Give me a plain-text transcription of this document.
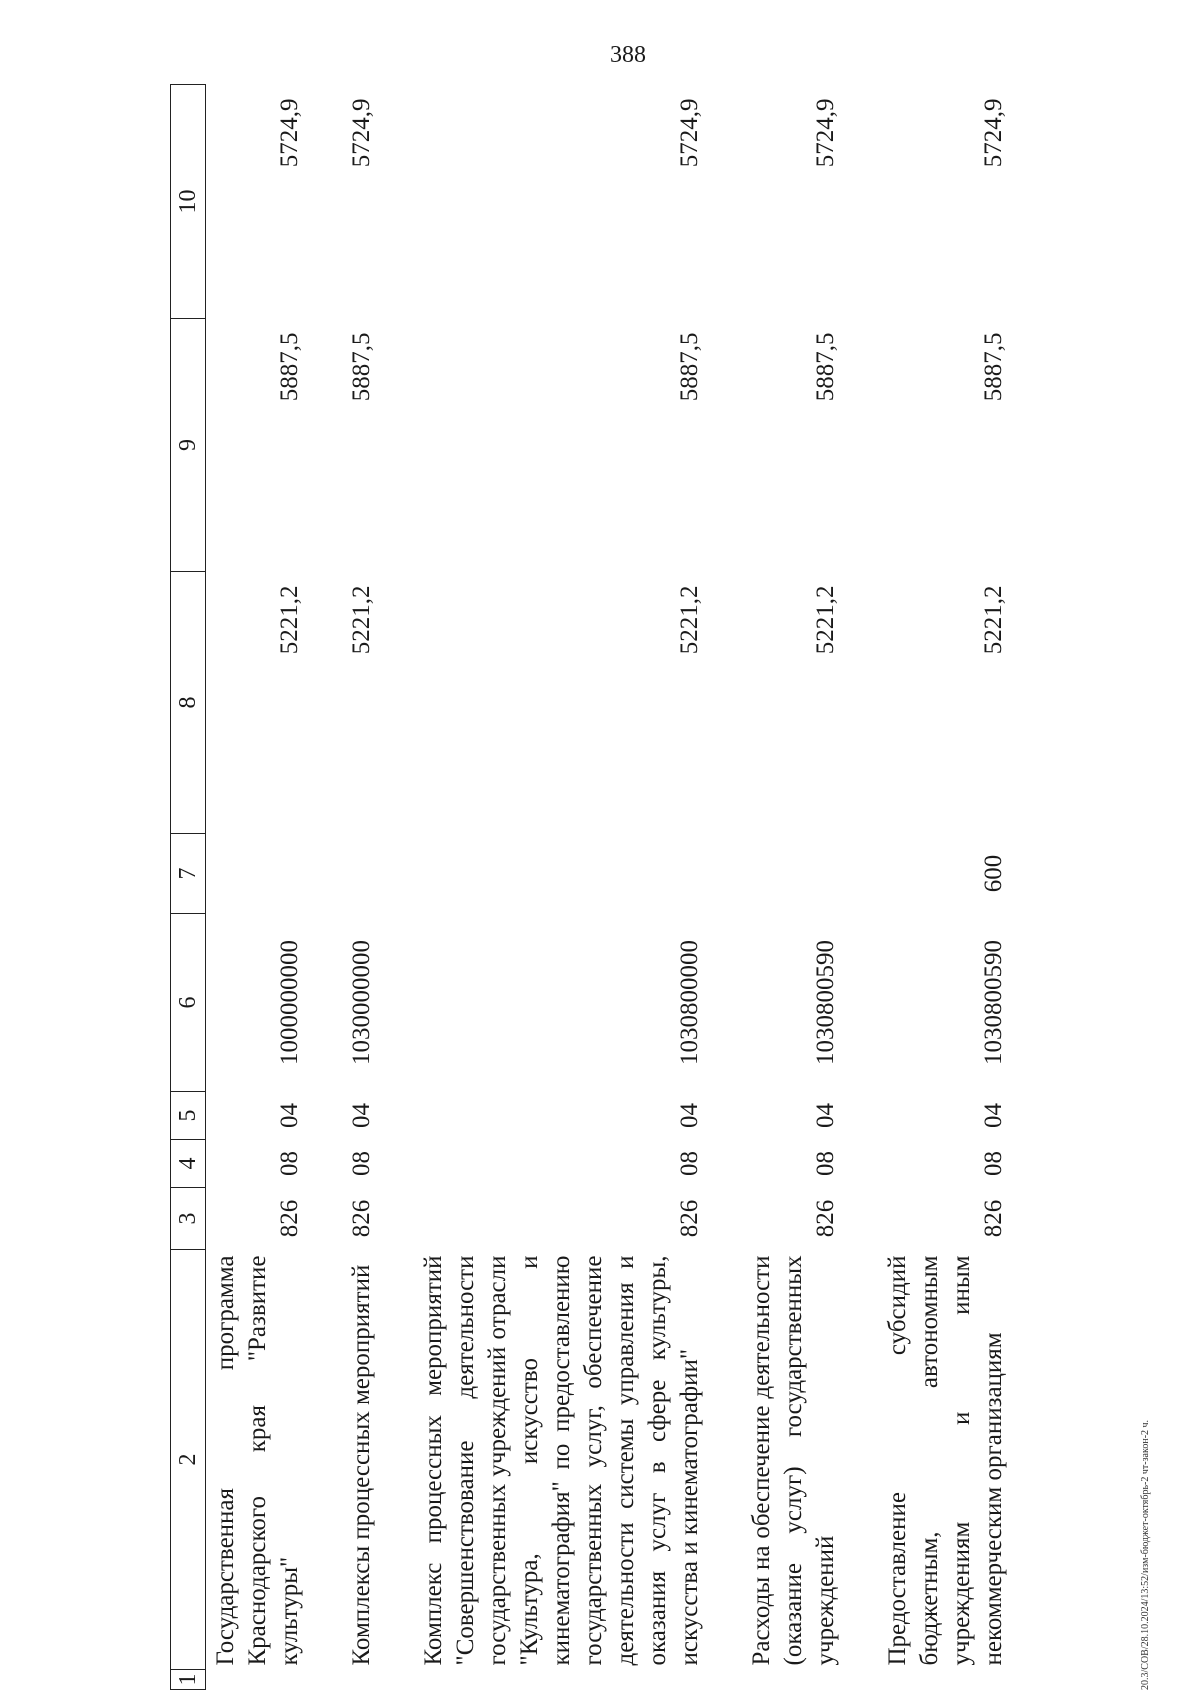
388
1	2	3	4	5	6	7	8	9	10
	Государственная программа Краснодарского края "Развитие культуры"	826	08	04	1000000000		5221,2	5887,5	5724,9

	Комплексы процессных мероприятий	826	08	04	1030000000		5221,2	5887,5	5724,9

	Комплекс процессных мероприятий "Совершенствование деятельности государственных учреждений отрасли "Культура, искусство и кинематография" по предоставлению государственных услуг, обеспечение деятельности системы управления и оказания услуг в сфере культуры, искусства и кинематографии"	826	08	04	1030800000		5221,2	5887,5	5724,9

	Расходы на обеспечение деятельности (оказание услуг) государственных учреждений	826	08	04	1030800590		5221,2	5887,5	5724,9

	Предоставление субсидий бюджетным, автономным учреждениям и иным некоммерческим организациям	826	08	04	1030800590	600	5221,2	5887,5	5724,9
20.3/СОВ/28.10.2024/13:52/изм-бюджет-октябрь-2 чт-закон-2 ч.
